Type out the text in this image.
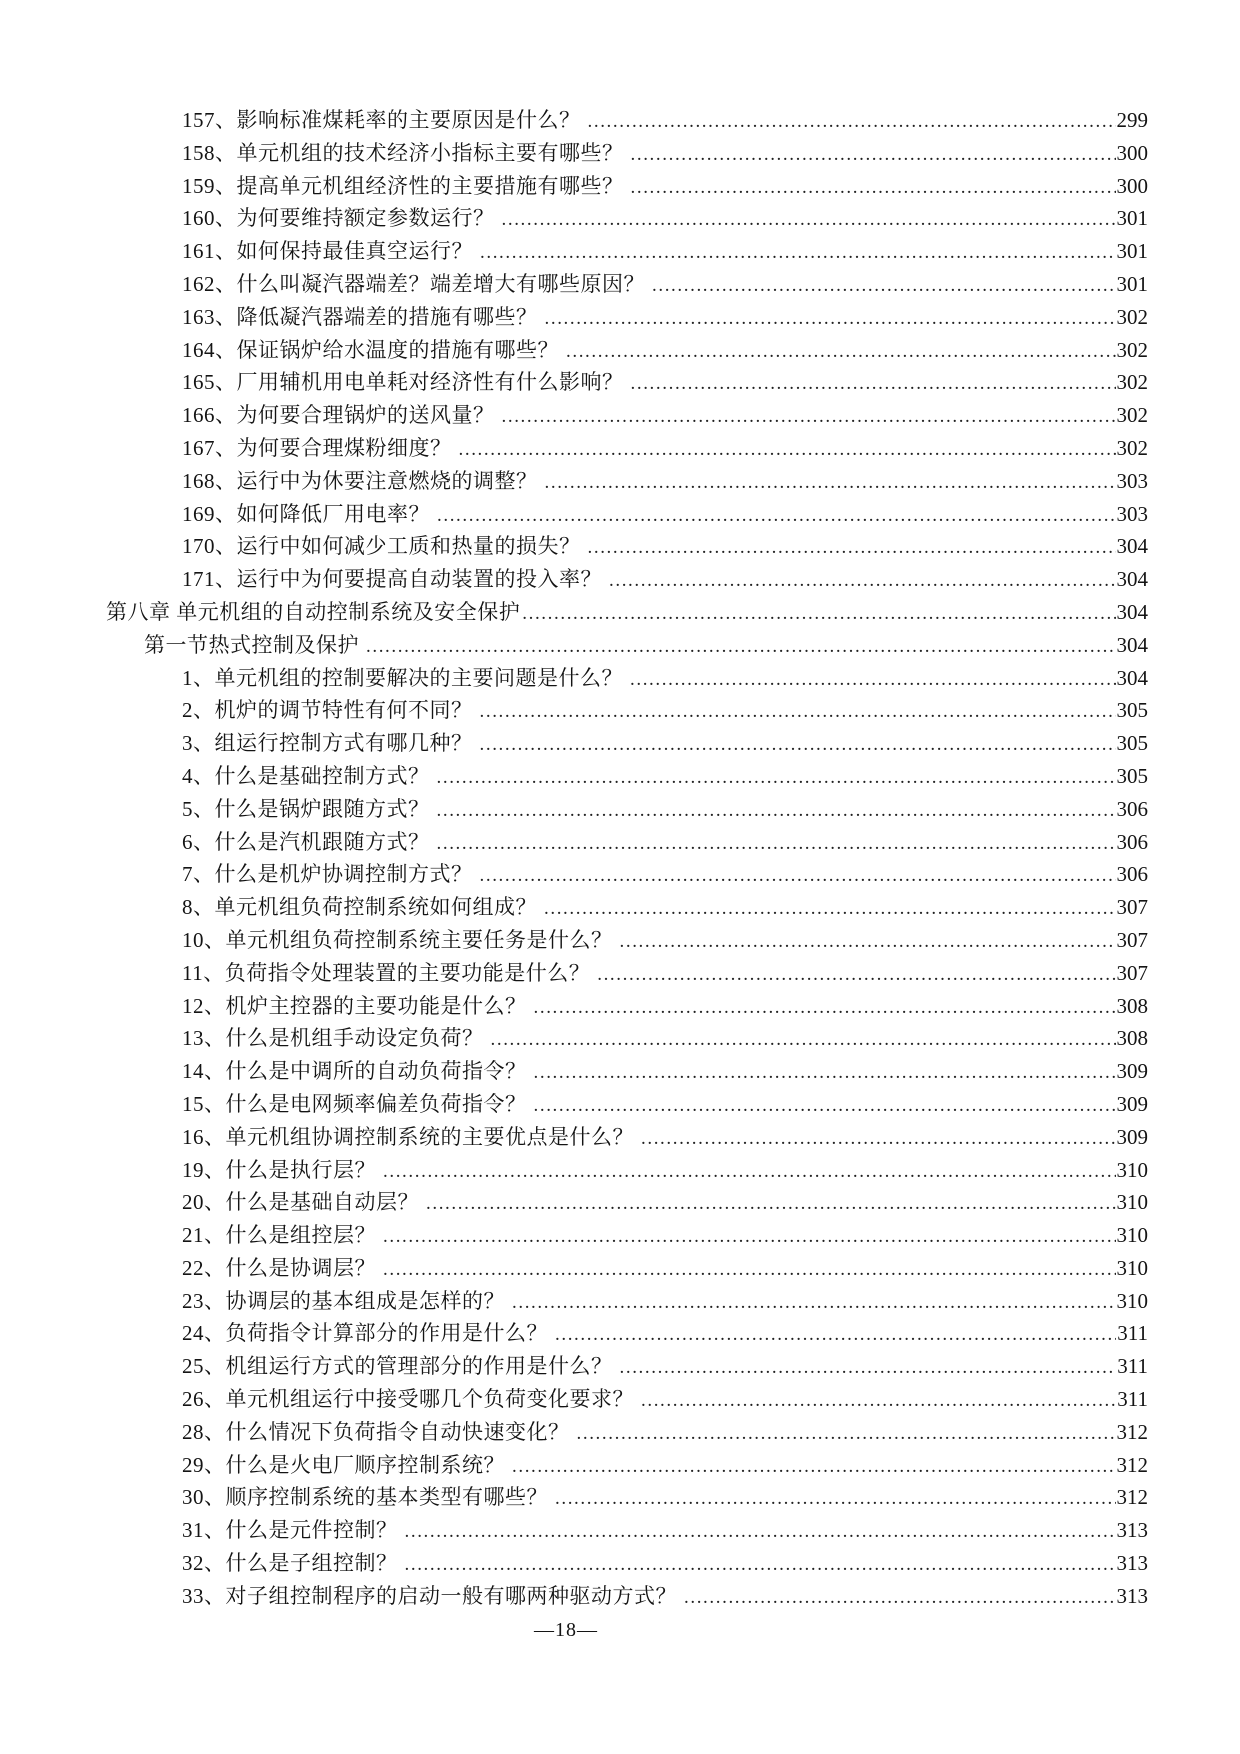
157、影响标准煤耗率的主要原因是什么？ .....	299
158、单元机组的技术经济小指标主要有哪些？ .....	300
159、提高单元机组经济性的主要措施有哪些？ .....	300
160、为何要维持额定参数运行？ .....	301
161、如何保持最佳真空运行？ .....	301
162、什么叫凝汽器端差？端差增大有哪些原因？ .....	301
163、降低凝汽器端差的措施有哪些？ .....	302
164、保证锅炉给水温度的措施有哪些？ .....	302
165、厂用辅机用电单耗对经济性有什么影响？ .....	302
166、为何要合理锅炉的送风量？ .....	302
167、为何要合理煤粉细度？ .....	302
168、运行中为休要注意燃烧的调整？ .....	303
169、如何降低厂用电率？ .....	303
170、运行中如何减少工质和热量的损失？ .....	304
171、运行中为何要提高自动装置的投入率？ .....	304
第八章 单元机组的自动控制系统及安全保护 .....	304
第一节热式控制及保护 .....	304
1、单元机组的控制要解决的主要问题是什么？ .....	304
2、机炉的调节特性有何不同？ .....	305
3、组运行控制方式有哪几种？ .....	305
4、什么是基础控制方式？ .....	305
5、什么是锅炉跟随方式？ .....	306
6、什么是汽机跟随方式？ .....	306
7、什么是机炉协调控制方式？ .....	306
8、单元机组负荷控制系统如何组成？ .....	307
10、单元机组负荷控制系统主要任务是什么？ .....	307
11、负荷指令处理装置的主要功能是什么？ .....	307
12、机炉主控器的主要功能是什么？ .....	308
13、什么是机组手动设定负荷？ .....	308
14、什么是中调所的自动负荷指令？ .....	309
15、什么是电网频率偏差负荷指令？ .....	309
16、单元机组协调控制系统的主要优点是什么？ .....	309
19、什么是执行层？ .....	310
20、什么是基础自动层？ .....	310
21、什么是组控层？ .....	310
22、什么是协调层？ .....	310
23、协调层的基本组成是怎样的？ .....	310
24、负荷指令计算部分的作用是什么？ .....	311
25、机组运行方式的管理部分的作用是什么？ .....	311
26、单元机组运行中接受哪几个负荷变化要求？ .....	311
28、什么情况下负荷指令自动快速变化？ .....	312
29、什么是火电厂顺序控制系统？ .....	312
30、顺序控制系统的基本类型有哪些？ .....	312
31、什么是元件控制？ .....	313
32、什么是子组控制？ .....	313
33、对子组控制程序的启动一般有哪两种驱动方式？ .....	313
—18—
